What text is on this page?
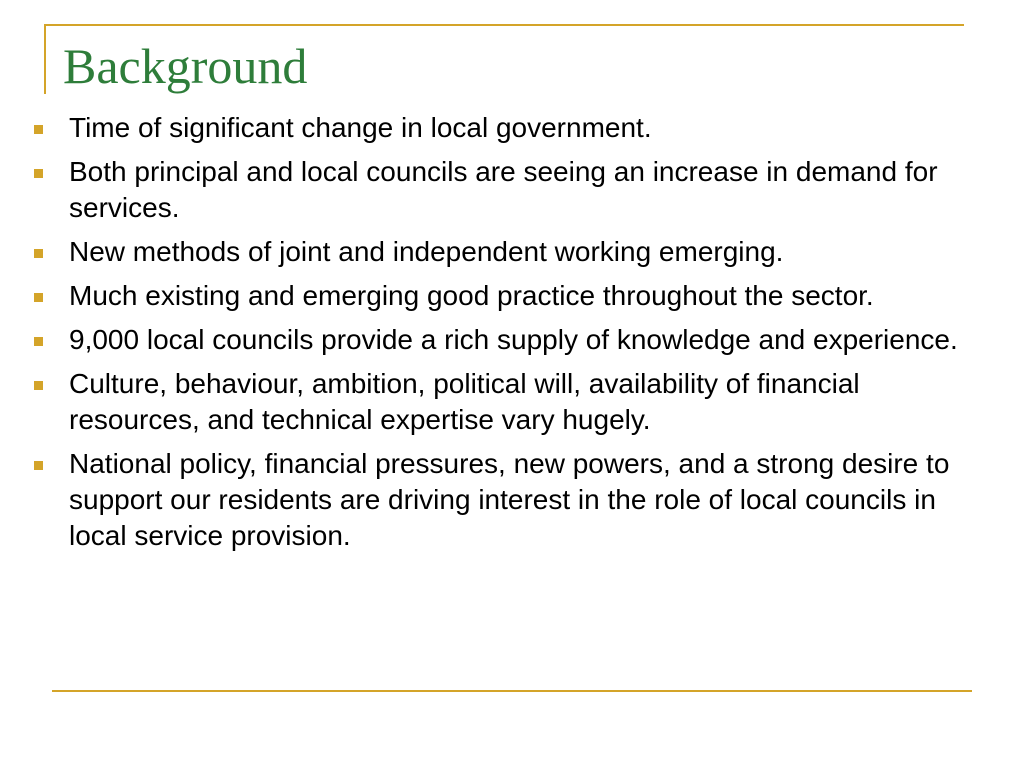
Background
Time of significant change in local government.
Both principal and local councils are seeing an increase in demand for services.
New methods of joint and independent working emerging.
Much existing and emerging good practice throughout the sector.
9,000 local councils provide a rich supply of knowledge and experience.
Culture, behaviour, ambition, political will, availability of financial resources, and technical expertise vary hugely.
National policy, financial pressures, new powers, and a strong desire to support our residents are driving interest in the role of local councils in local service provision.
